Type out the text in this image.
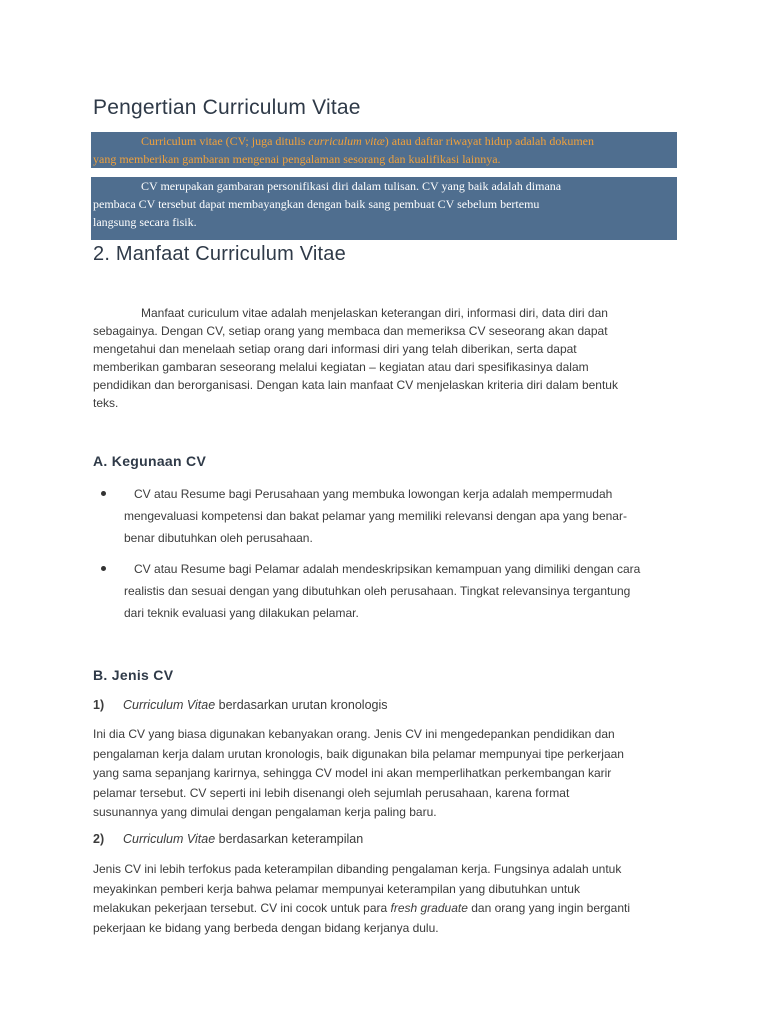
Pengertian Curriculum Vitae
Curriculum vitae (CV; juga ditulis curriculum vitæ) atau daftar riwayat hidup adalah dokumen
yang memberikan gambaran mengenai pengalaman sesorang dan kualifikasi lainnya.
CV merupakan gambaran personifikasi diri dalam tulisan. CV yang baik adalah dimana
pembaca CV tersebut dapat membayangkan dengan baik sang pembuat CV sebelum bertemu
langsung secara fisik.
2. Manfaat Curriculum Vitae
Manfaat curiculum vitae adalah menjelaskan keterangan diri, informasi diri, data diri dan
sebagainya. Dengan CV, setiap orang yang membaca dan memeriksa CV seseorang akan dapat
mengetahui dan menelaah setiap orang dari informasi diri yang telah diberikan, serta dapat
memberikan gambaran seseorang melalui kegiatan – kegiatan atau dari spesifikasinya dalam
pendidikan dan berorganisasi. Dengan kata lain manfaat CV menjelaskan kriteria diri dalam bentuk
teks.
A. Kegunaan CV
CV atau Resume bagi Perusahaan yang membuka lowongan kerja adalah mempermudah
mengevaluasi kompetensi dan bakat pelamar yang memiliki relevansi dengan apa yang benar-
benar dibutuhkan oleh perusahaan.
CV atau Resume bagi Pelamar adalah mendeskripsikan kemampuan yang dimiliki dengan cara
realistis dan sesuai dengan yang dibutuhkan oleh perusahaan. Tingkat relevansinya tergantung
dari teknik evaluasi yang dilakukan pelamar.
B. Jenis CV
1) Curriculum Vitae berdasarkan urutan kronologis
Ini dia CV yang biasa digunakan kebanyakan orang. Jenis CV ini mengedepankan pendidikan dan
pengalaman kerja dalam urutan kronologis, baik digunakan bila pelamar mempunyai tipe perkerjaan
yang sama sepanjang karirnya, sehingga CV model ini akan memperlihatkan perkembangan karir
pelamar tersebut. CV seperti ini lebih disenangi oleh sejumlah perusahaan, karena format
susunannya yang dimulai dengan pengalaman kerja paling baru.
2) Curriculum Vitae berdasarkan keterampilan
Jenis CV ini lebih terfokus pada keterampilan dibanding pengalaman kerja. Fungsinya adalah untuk
meyakinkan pemberi kerja bahwa pelamar mempunyai keterampilan yang dibutuhkan untuk
melakukan pekerjaan tersebut. CV ini cocok untuk para fresh graduate dan orang yang ingin berganti
pekerjaan ke bidang yang berbeda dengan bidang kerjanya dulu.
